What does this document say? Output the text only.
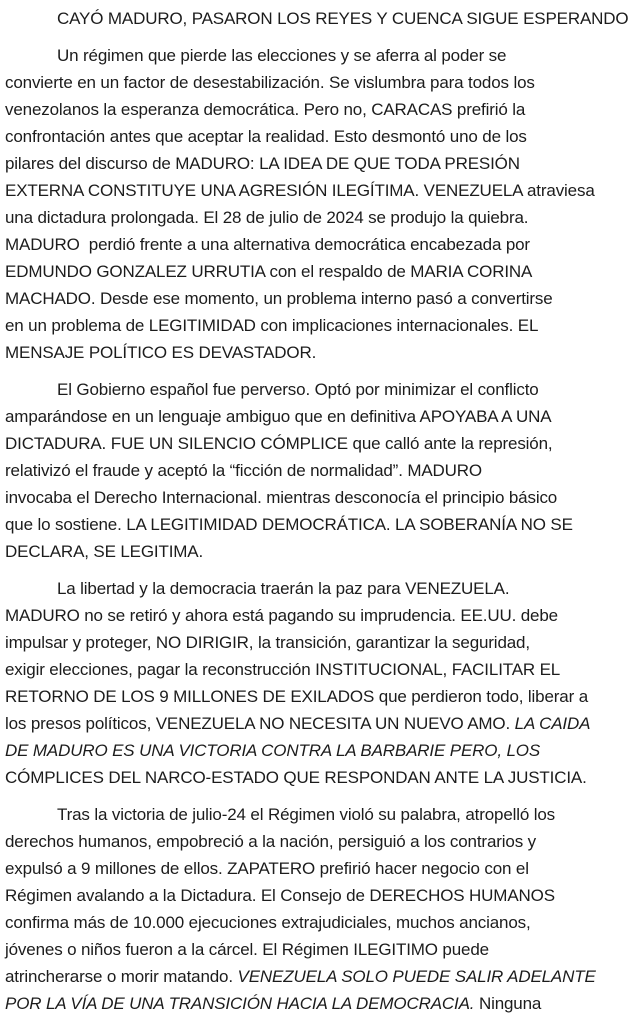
CAYÓ MADURO, PASARON LOS REYES Y CUENCA SIGUE ESPERANDO

Un régimen que pierde las elecciones y se aferra al poder se
convierte en un factor de desestabilización. Se vislumbra para todos los
venezolanos la esperanza democrática. Pero no, CARACAS prefirió la
confrontación antes que aceptar la realidad. Esto desmontó uno de los
pilares del discurso de MADURO: LA IDEA DE QUE TODA PRESIÓN
EXTERNA CONSTITUYE UNA AGRESIÓN ILEGÍTIMA. VENEZUELA atraviesa
una dictadura prolongada. El 28 de julio de 2024 se produjo la quiebra.
MADURO  perdió frente a una alternativa democrática encabezada por
EDMUNDO GONZALEZ URRUTIA con el respaldo de MARIA CORINA
MACHADO. Desde ese momento, un problema interno pasó a convertirse
en un problema de LEGITIMIDAD con implicaciones internacionales. EL
MENSAJE POLÍTICO ES DEVASTADOR.

El Gobierno español fue perverso. Optó por minimizar el conflicto
amparándose en un lenguaje ambiguo que en definitiva APOYABA A UNA
DICTADURA. FUE UN SILENCIO CÓMPLICE que calló ante la represión,
relativizó el fraude y aceptó la “ficción de normalidad”. MADURO
invocaba el Derecho Internacional. mientras desconocía el principio básico
que lo sostiene. LA LEGITIMIDAD DEMOCRÁTICA. LA SOBERANÍA NO SE
DECLARA, SE LEGITIMA.

La libertad y la democracia traerán la paz para VENEZUELA.
MADURO no se retiró y ahora está pagando su imprudencia. EE.UU. debe
impulsar y proteger, NO DIRIGIR, la transición, garantizar la seguridad,
exigir elecciones, pagar la reconstrucción INSTITUCIONAL, FACILITAR EL
RETORNO DE LOS 9 MILLONES DE EXILADOS que perdieron todo, liberar a
los presos políticos, VENEZUELA NO NECESITA UN NUEVO AMO. LA CAIDA
DE MADURO ES UNA VICTORIA CONTRA LA BARBARIE PERO, LOS
CÓMPLICES DEL NARCO-ESTADO QUE RESPONDAN ANTE LA JUSTICIA.

Tras la victoria de julio-24 el Régimen violó su palabra, atropelló los
derechos humanos, empobreció a la nación, persiguió a los contrarios y
expulsó a 9 millones de ellos. ZAPATERO prefirió hacer negocio con el
Régimen avalando a la Dictadura. El Consejo de DERECHOS HUMANOS
confirma más de 10.000 ejecuciones extrajudiciales, muchos ancianos,
jóvenes o niños fueron a la cárcel. El Régimen ILEGITIMO puede
atrincherarse o morir matando. VENEZUELA SOLO PUEDE SALIR ADELANTE
POR LA VÍA DE UNA TRANSICIÓN HACIA LA DEMOCRACIA. Ninguna
